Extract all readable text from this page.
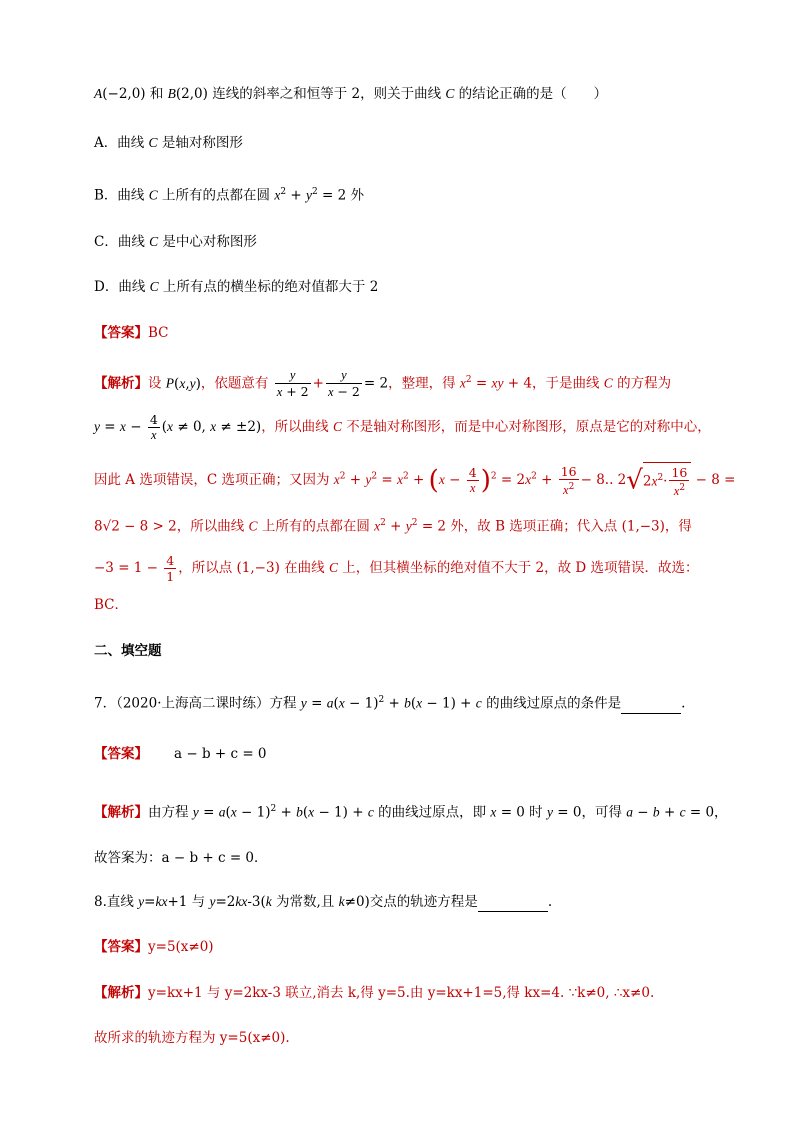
A(−2,0) 和 B(2,0) 连线的斜率之和恒等于 2，则关于曲线 C 的结论正确的是（　　）
A．曲线 C 是轴对称图形
B．曲线 C 上所有的点都在圆 $x^2 + y^2 = 2$ 外
C．曲线 C 是中心对称图形
D．曲线 C 上所有点的横坐标的绝对值都大于 2
【答案】BC
【解析】设 P(x,y)，依题意有 $\frac{y}{x + 2} + \frac{y}{x - 2} = 2$，整理，得 $x^2$ = xy + 4，于是曲线 C 的方程为
$y = x - \frac{4}{x} (x \ne 0$, x ≠ ±2)，所以曲线 C 不是轴对称图形，而是中心对称图形，原点是它的对称中心，
因此 A 选项错误，C 选项正确；又因为 $x^2 + y^2 = x^2 + (x - \frac{4}{x} )^2 = 2x^2 + \frac{16}{x^2} - 8$.. $2√2x^2\cdot \frac{16}{x^2} - 8$ =
8√2 − 8 > 2，所以曲线 C 上所有的点都在圆 $x^2 + y^2 = 2$ 外，故 B 选项正确；代入点 (1,−3)，得
$-3 = 1 - \frac{4}{1}$ ，所以点 (1,−3) 在曲线 C 上，但其横坐标的绝对值不大于 2，故 D 选项错误．故选：
BC．
二、填空题
7．（2020·上海高二课时练）方程 $y = a(x - 1)^2 + b(x - 1) + c$ 的曲线过原点的条件是	.
【答案】 a − b + c = 0
【解析】由方程 $y = a(x - 1)^2 + b(x - 1) + c$ 的曲线过原点，即 x = 0 时 y = 0，可得 a − b + c = 0，
故答案为：a − b + c = 0．
8.直线 y=kx+1 与 y=2kx-3(k 为常数,且 k≠0)交点的轨迹方程是	.
【答案】y=5(x≠0)
【解析】y=kx+1 与 y=2kx-3 联立,消去 k,得 y=5.由 y=kx+1=5,得 kx=4. ∵k≠0, ∴x≠0.
故所求的轨迹方程为 y=5(x≠0).
